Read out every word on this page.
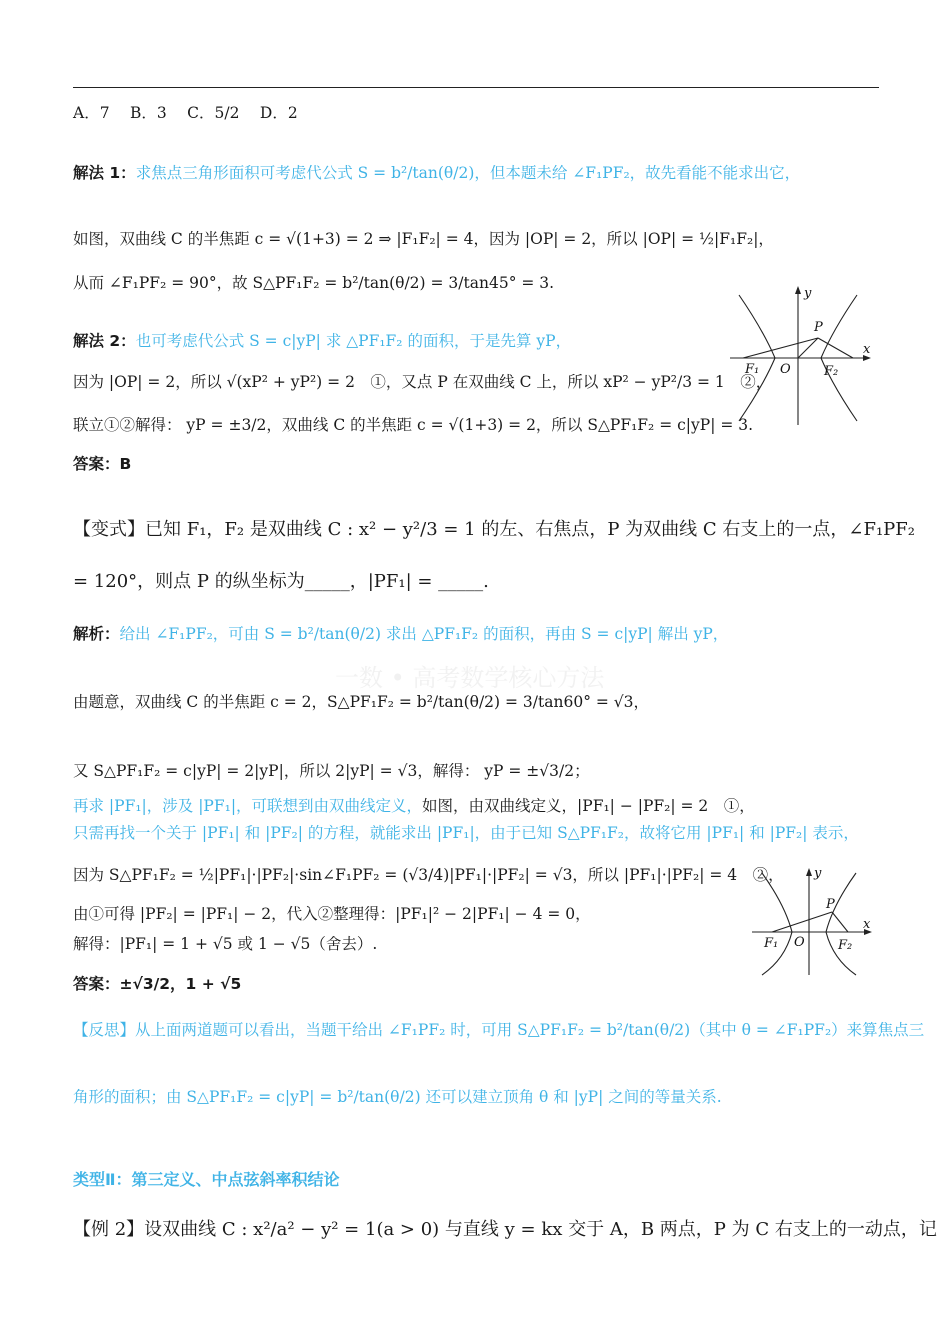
A．7　 B．3　 C．5/2　 D．2
解法 1：求焦点三角形面积可考虑代公式 S = b²/tan(θ/2)，但本题未给 ∠F₁PF₂，故先看能不能求出它，
如图，双曲线 C 的半焦距 c = √(1+3) = 2 ⇒ |F₁F₂| = 4，因为 |OP| = 2，所以 |OP| = ½|F₁F₂|，
从而 ∠F₁PF₂ = 90°，故 S△PF₁F₂ = b²/tan(θ/2) = 3/tan45° = 3.
解法 2：也可考虑代公式 S = c|yP| 求 △PF₁F₂ 的面积，于是先算 yP，
因为 |OP| = 2，所以 √(xP² + yP²) = 2　①，又点 P 在双曲线 C 上，所以 xP² − yP²/3 = 1　②，
联立①②解得： yP = ±3/2，双曲线 C 的半焦距 c = √(1+3) = 2，所以 S△PF₁F₂ = c|yP| = 3.
答案：B
【变式】已知 F₁，F₂ 是双曲线 C : x² − y²/3 = 1 的左、右焦点，P 为双曲线 C 右支上的一点，∠F₁PF₂
= 120°，则点 P 的纵坐标为_____，|PF₁| = _____.
解析：给出 ∠F₁PF₂，可由 S = b²/tan(θ/2) 求出 △PF₁F₂ 的面积，再由 S = c|yP| 解出 yP，
一数 • 高考数学核心方法
由题意，双曲线 C 的半焦距 c = 2，S△PF₁F₂ = b²/tan(θ/2) = 3/tan60° = √3，
又 S△PF₁F₂ = c|yP| = 2|yP|，所以 2|yP| = √3，解得： yP = ±√3/2；
再求 |PF₁|，涉及 |PF₁|，可联想到由双曲线定义，如图，由双曲线定义，|PF₁| − |PF₂| = 2　①，
只需再找一个关于 |PF₁| 和 |PF₂| 的方程，就能求出 |PF₁|，由于已知 S△PF₁F₂，故将它用 |PF₁| 和 |PF₂| 表示，
因为 S△PF₁F₂ = ½|PF₁|·|PF₂|·sin∠F₁PF₂ = (√3/4)|PF₁|·|PF₂| = √3，所以 |PF₁|·|PF₂| = 4　②，
由①可得 |PF₂| = |PF₁| − 2，代入②整理得：|PF₁|² − 2|PF₁| − 4 = 0，
解得：|PF₁| = 1 + √5 或 1 − √5（舍去）.
答案：±√3/2，1 + √5
【反思】从上面两道题可以看出，当题干给出 ∠F₁PF₂ 时，可用 S△PF₁F₂ = b²/tan(θ/2)（其中 θ = ∠F₁PF₂）来算焦点三
角形的面积；由 S△PF₁F₂ = c|yP| = b²/tan(θ/2) 还可以建立顶角 θ 和 |yP| 之间的等量关系.
类型Ⅱ：第三定义、中点弦斜率积结论
【例 2】设双曲线 C : x²/a² − y² = 1(a > 0) 与直线 y = kx 交于 A，B 两点，P 为 C 右支上的一动点，记
y
x
P
F₁ O	F₂
y
x
P
F₁ O	F₂
